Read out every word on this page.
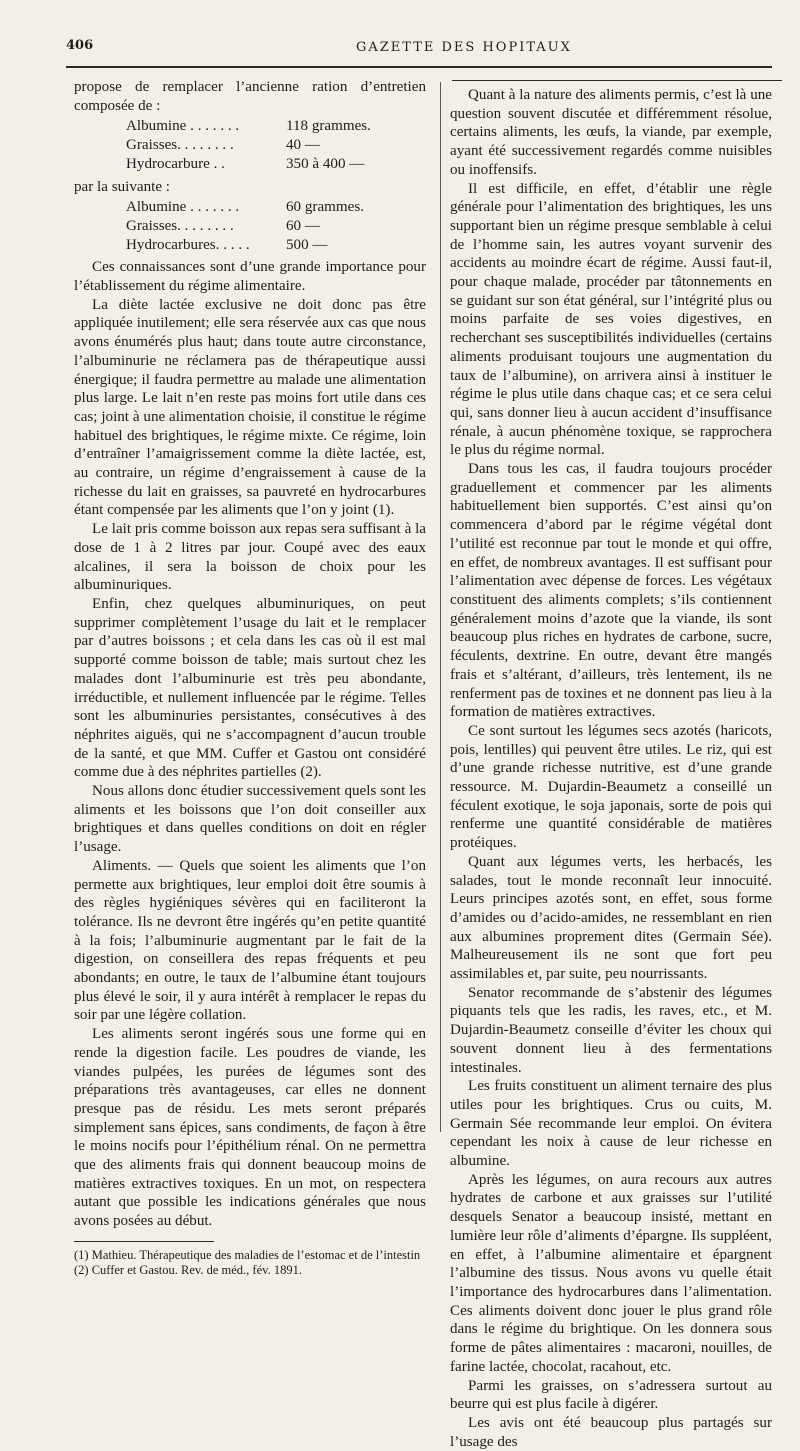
406	GAZETTE DES HOPITAUX

propose de remplacer l’ancienne ration d’entretien composée de :

Albumine . . . . . . .	118 grammes.
Graisses. . . . . . . .	40 —
Hydrocarbure . .	350 à 400 —

par la suivante :

Albumine . . . . . . .	60 grammes.
Graisses. . . . . . . .	60 —
Hydrocarbures. . . . .	500 —

Ces connaissances sont d’une grande importance pour l’établissement du régime alimentaire.

La diète lactée exclusive ne doit donc pas être appliquée inutilement; elle sera réservée aux cas que nous avons énumérés plus haut; dans toute autre circonstance, l’albuminurie ne réclamera pas de thérapeutique aussi énergique; il faudra permettre au malade une alimentation plus large. Le lait n’en reste pas moins fort utile dans ces cas; joint à une alimentation choisie, il constitue le régime habituel des brightiques, le régime mixte. Ce régime, loin d’entraîner l’amaigrissement comme la diète lactée, est, au contraire, un régime d’engraissement à cause de la richesse du lait en graisses, sa pauvreté en hydrocarbures étant compensée par les aliments que l’on y joint (1).

Le lait pris comme boisson aux repas sera suffisant à la dose de 1 à 2 litres par jour. Coupé avec des eaux alcalines, il sera la boisson de choix pour les albuminuriques.

Enfin, chez quelques albuminuriques, on peut supprimer complètement l’usage du lait et le remplacer par d’autres boissons ; et cela dans les cas où il est mal supporté comme boisson de table; mais surtout chez les malades dont l’albuminurie est très peu abondante, irréductible, et nullement influencée par le régime. Telles sont les albuminuries persistantes, consécutives à des néphrites aiguës, qui ne s’accompagnent d’aucun trouble de la santé, et que MM. Cuffer et Gastou ont considéré comme due à des néphrites partielles (2).

Nous allons donc étudier successivement quels sont les aliments et les boissons que l’on doit conseiller aux brightiques et dans quelles conditions on doit en régler l’usage.

Aliments. — Quels que soient les aliments que l’on permette aux brightiques, leur emploi doit être soumis à des règles hygiéniques sévères qui en faciliteront la tolérance. Ils ne devront être ingérés qu’en petite quantité à la fois; l’albuminurie augmentant par le fait de la digestion, on conseillera des repas fréquents et peu abondants; en outre, le taux de l’albumine étant toujours plus élevé le soir, il y aura intérêt à remplacer le repas du soir par une légère collation.

Les aliments seront ingérés sous une forme qui en rende la digestion facile. Les poudres de viande, les viandes pulpées, les purées de légumes sont des préparations très avantageuses, car elles ne donnent presque pas de résidu. Les mets seront préparés simplement sans épices, sans condiments, de façon à être le moins nocifs pour l’épithélium rénal. On ne permettra que des aliments frais qui donnent beaucoup moins de matières extractives toxiques. En un mot, on respectera autant que possible les indications générales que nous avons posées au début.

(1) Mathieu. Thérapeutique des maladies de l’estomac et de l’intestin

(2) Cuffer et Gastou. Rev. de méd., fév. 1891.

Quant à la nature des aliments permis, c’est là une question souvent discutée et différemment résolue, certains aliments, les œufs, la viande, par exemple, ayant été successivement regardés comme nuisibles ou inoffensifs.

Il est difficile, en effet, d’établir une règle générale pour l’alimentation des brightiques, les uns supportant bien un régime presque semblable à celui de l’homme sain, les autres voyant survenir des accidents au moindre écart de régime. Aussi faut-il, pour chaque malade, procéder par tâtonnements en se guidant sur son état général, sur l’intégrité plus ou moins parfaite de ses voies digestives, en recherchant ses susceptibilités individuelles (certains aliments produisant toujours une augmentation du taux de l’albumine), on arrivera ainsi à instituer le régime le plus utile dans chaque cas; et ce sera celui qui, sans donner lieu à aucun accident d’insuffisance rénale, à aucun phénomène toxique, se rapprochera le plus du régime normal.

Dans tous les cas, il faudra toujours procéder graduellement et commencer par les aliments habituellement bien supportés. C’est ainsi qu’on commencera d’abord par le régime végétal dont l’utilité est reconnue par tout le monde et qui offre, en effet, de nombreux avantages. Il est suffisant pour l’alimentation avec dépense de forces. Les végétaux constituent des aliments complets; s’ils contiennent généralement moins d’azote que la viande, ils sont beaucoup plus riches en hydrates de carbone, sucre, féculents, dextrine. En outre, devant être mangés frais et s’altérant, d’ailleurs, très lentement, ils ne renferment pas de toxines et ne donnent pas lieu à la formation de matières extractives.

Ce sont surtout les légumes secs azotés (haricots, pois, lentilles) qui peuvent être utiles. Le riz, qui est d’une grande richesse nutritive, est d’une grande ressource. M. Dujardin-Beaumetz a conseillé un féculent exotique, le soja japonais, sorte de pois qui renferme une quantité considérable de matières protéiques.

Quant aux légumes verts, les herbacés, les salades, tout le monde reconnaît leur innocuité. Leurs principes azotés sont, en effet, sous forme d’amides ou d’acido-amides, ne ressemblant en rien aux albumines proprement dites (Germain Sée). Malheureusement ils ne sont que fort peu assimilables et, par suite, peu nourrissants.

Senator recommande de s’abstenir des légumes piquants tels que les radis, les raves, etc., et M. Dujardin-Beaumetz conseille d’éviter les choux qui souvent donnent lieu à des fermentations intestinales.

Les fruits constituent un aliment ternaire des plus utiles pour les brightiques. Crus ou cuits, M. Germain Sée recommande leur emploi. On évitera cependant les noix à cause de leur richesse en albumine.

Après les légumes, on aura recours aux autres hydrates de carbone et aux graisses sur l’utilité desquels Senator a beaucoup insisté, mettant en lumière leur rôle d’aliments d’épargne. Ils suppléent, en effet, à l’albumine alimentaire et épargnent l’albumine des tissus. Nous avons vu quelle était l’importance des hydrocarbures dans l’alimentation. Ces aliments doivent donc jouer le plus grand rôle dans le régime du brightique. On les donnera sous forme de pâtes alimentaires : macaroni, nouilles, de farine lactée, chocolat, racahout, etc.

Parmi les graisses, on s’adressera surtout au beurre qui est plus facile à digérer.

Les avis ont été beaucoup plus partagés sur l’usage des
